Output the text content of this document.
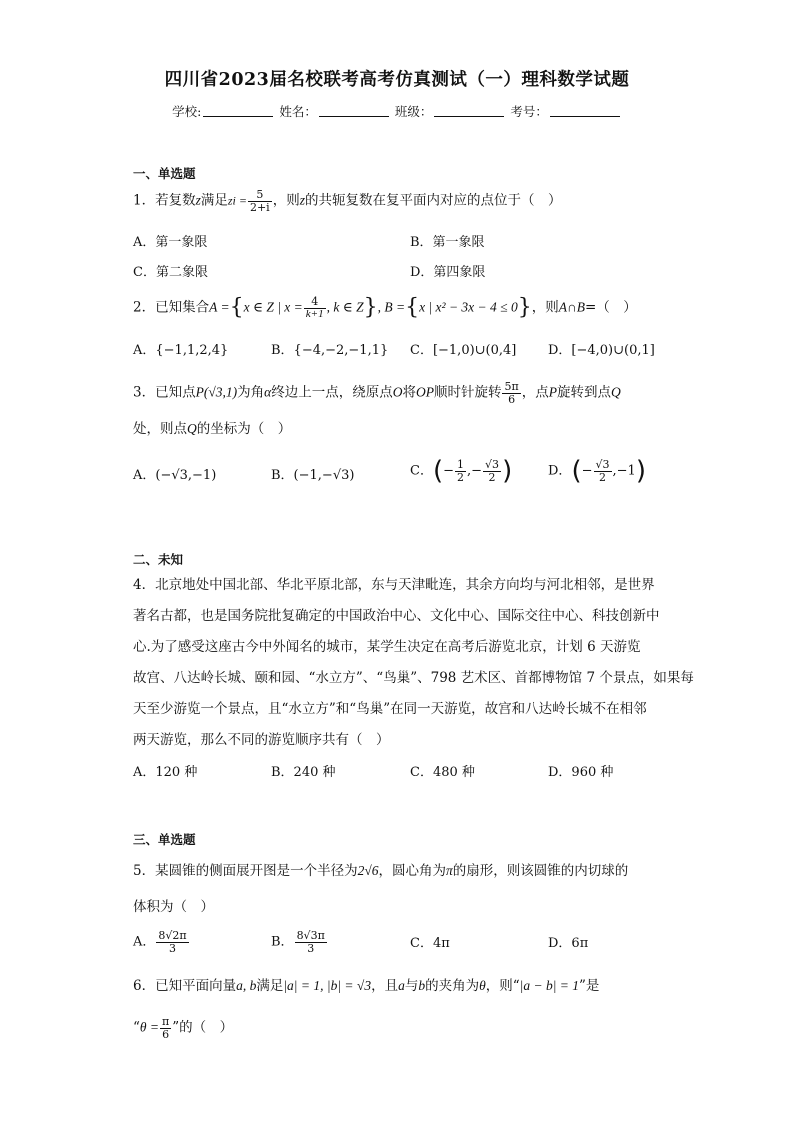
四川省2023届名校联考高考仿真测试（一）理科数学试题
学校:	姓名：	班级：	考号：
一、单选题
1．若复数z满足zi = $\frac{5}{2+i}$ ，则z的共轭复数在复平面内对应的点位于（　）
A．第一象限	B．第一象限
C．第二象限	D．第四象限
2．已知集合A ={x ∈ Z | $x = \frac{4}{k+1}$ , k ∈ Z}, B ={x | x² − 3x − 4 ≤ 0}，则A∩B=（　）
A．{−1,1,2,4}	B．{−4,−2,−1,1} C．[−1,0)∪(0,4] D．[−4,0)∪(0,1]
3．已知点P(√3,1)为角α终边上一点，绕原点O将OP顺时针旋转 $\frac{5\pi}{6}$ ，点P旋转到点Q
处，则点Q的坐标为（　）
A．(−√3,−1)	B．(−1,−√3)	C．(− $\frac{1}{2}$ ,− $\frac{√3}{2}$ )	D．(− $\frac{√3}{2} ,-1$)
二、未知
4．北京地处中国北部、华北平原北部，东与天津毗连，其余方向均与河北相邻，是世界
著名古都，也是国务院批复确定的中国政治中心、文化中心、国际交往中心、科技创新中
心.为了感受这座古今中外闻名的城市，某学生决定在高考后游览北京，计划 6 天游览
故宫、八达岭长城、颐和园、“水立方”、“鸟巢”、798 艺术区、首都博物馆 7 个景点，如果每
天至少游览一个景点，且“水立方”和“鸟巢”在同一天游览，故宫和八达岭长城不在相邻
两天游览，那么不同的游览顺序共有（　）
A．120 种	B．240 种	C．480 种	D．960 种
三、单选题
5．某圆锥的侧面展开图是一个半径为2√6，圆心角为π的扇形，则该圆锥的内切球的
体积为（　）
A． $\frac{8√2\pi}{3}$	B． $\frac{8√3\pi}{3}$	C．4π	D．6π
6．已知平面向量a, b满足|a| = 1, |b| = √3，且a与b的夹角为θ，则“|a − b| = 1”是
“$\theta = \frac{\pi}{6}$ ”的（　）
